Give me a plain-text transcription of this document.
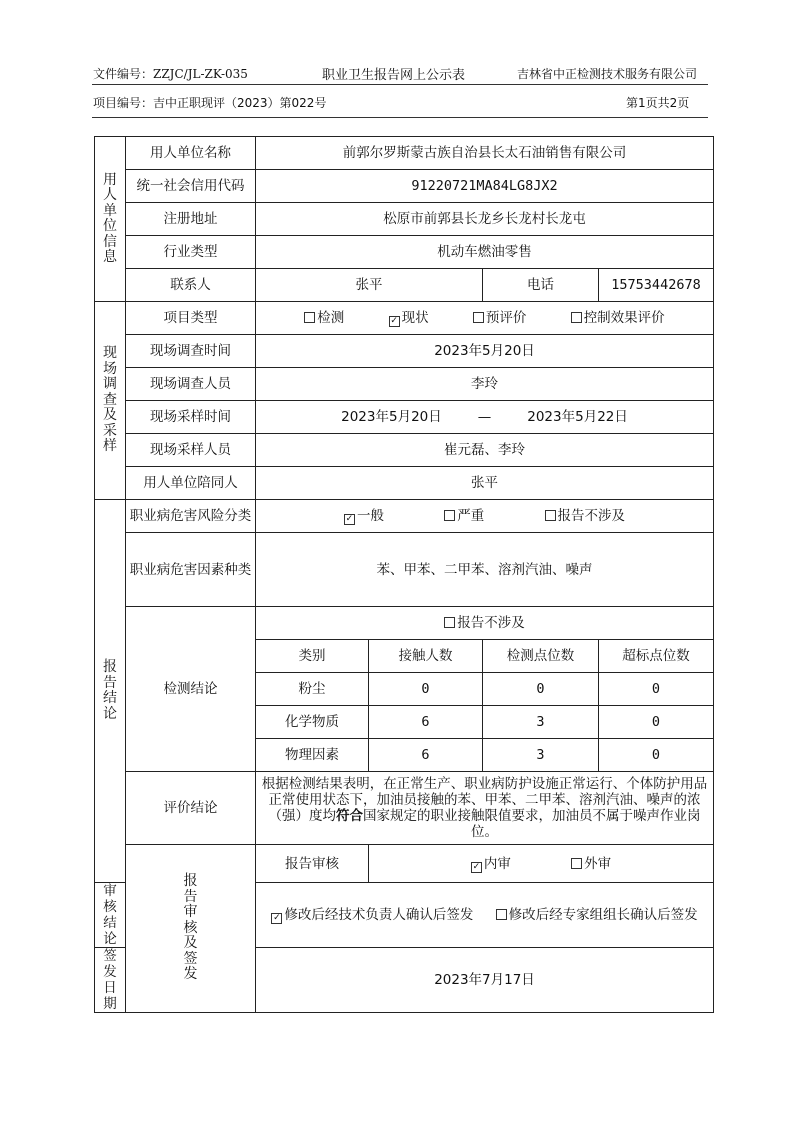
文件编号：ZZJC/JL-ZK-035	职业卫生报告网上公示表	吉林省中正检测技术服务有限公司
项目编号：吉中正职现评（2023）第022号	第1页共2页
用人单位信息	用人单位名称	前郭尔罗斯蒙古族自治县长太石油销售有限公司			
	统一社会信用代码	91220721MA84LG8JX2			
	注册地址	松原市前郭县长龙乡长龙村长龙屯			
	行业类型	机动车燃油零售			
	联系人	张平		电话	15753442678
现场调查及采样	项目类型	检测 ✓ 现状 预评价 控制效果评价			
	现场调查时间	2023年5月20日			
	现场调查人员	李玲			
	现场采样时间	2023年5月20日 — 2023年5月22日			
	现场采样人员	崔元磊、李玲			
	用人单位陪同人	张平			
报告结论	职业病危害风险分类	✓ 一般 严重 报告不涉及			
	职业病危害因素种类	苯、甲苯、二甲苯、溶剂汽油、噪声			
	检测结论	报告不涉及			
		类别	接触人数	检测点位数	超标点位数
		粉尘	0	0	0
		化学物质	6	3	0
		物理因素	6	3	0
	评价结论	根据检测结果表明，在正常生产、职业病防护设施正常运行、个体防护用品正常使用状态下，加油员接触的苯、甲苯、二甲苯、溶剂汽油、噪声的浓（强）度均符合国家规定的职业接触限值要求，加油员不属于噪声作业岗位。			
	报告审核及签发	报告审核	✓ 内审 外审		
审核结论		✓ 修改后经技术负责人确认后签发 修改后经专家组组长确认后签发			
签发日期		2023年7月17日			
